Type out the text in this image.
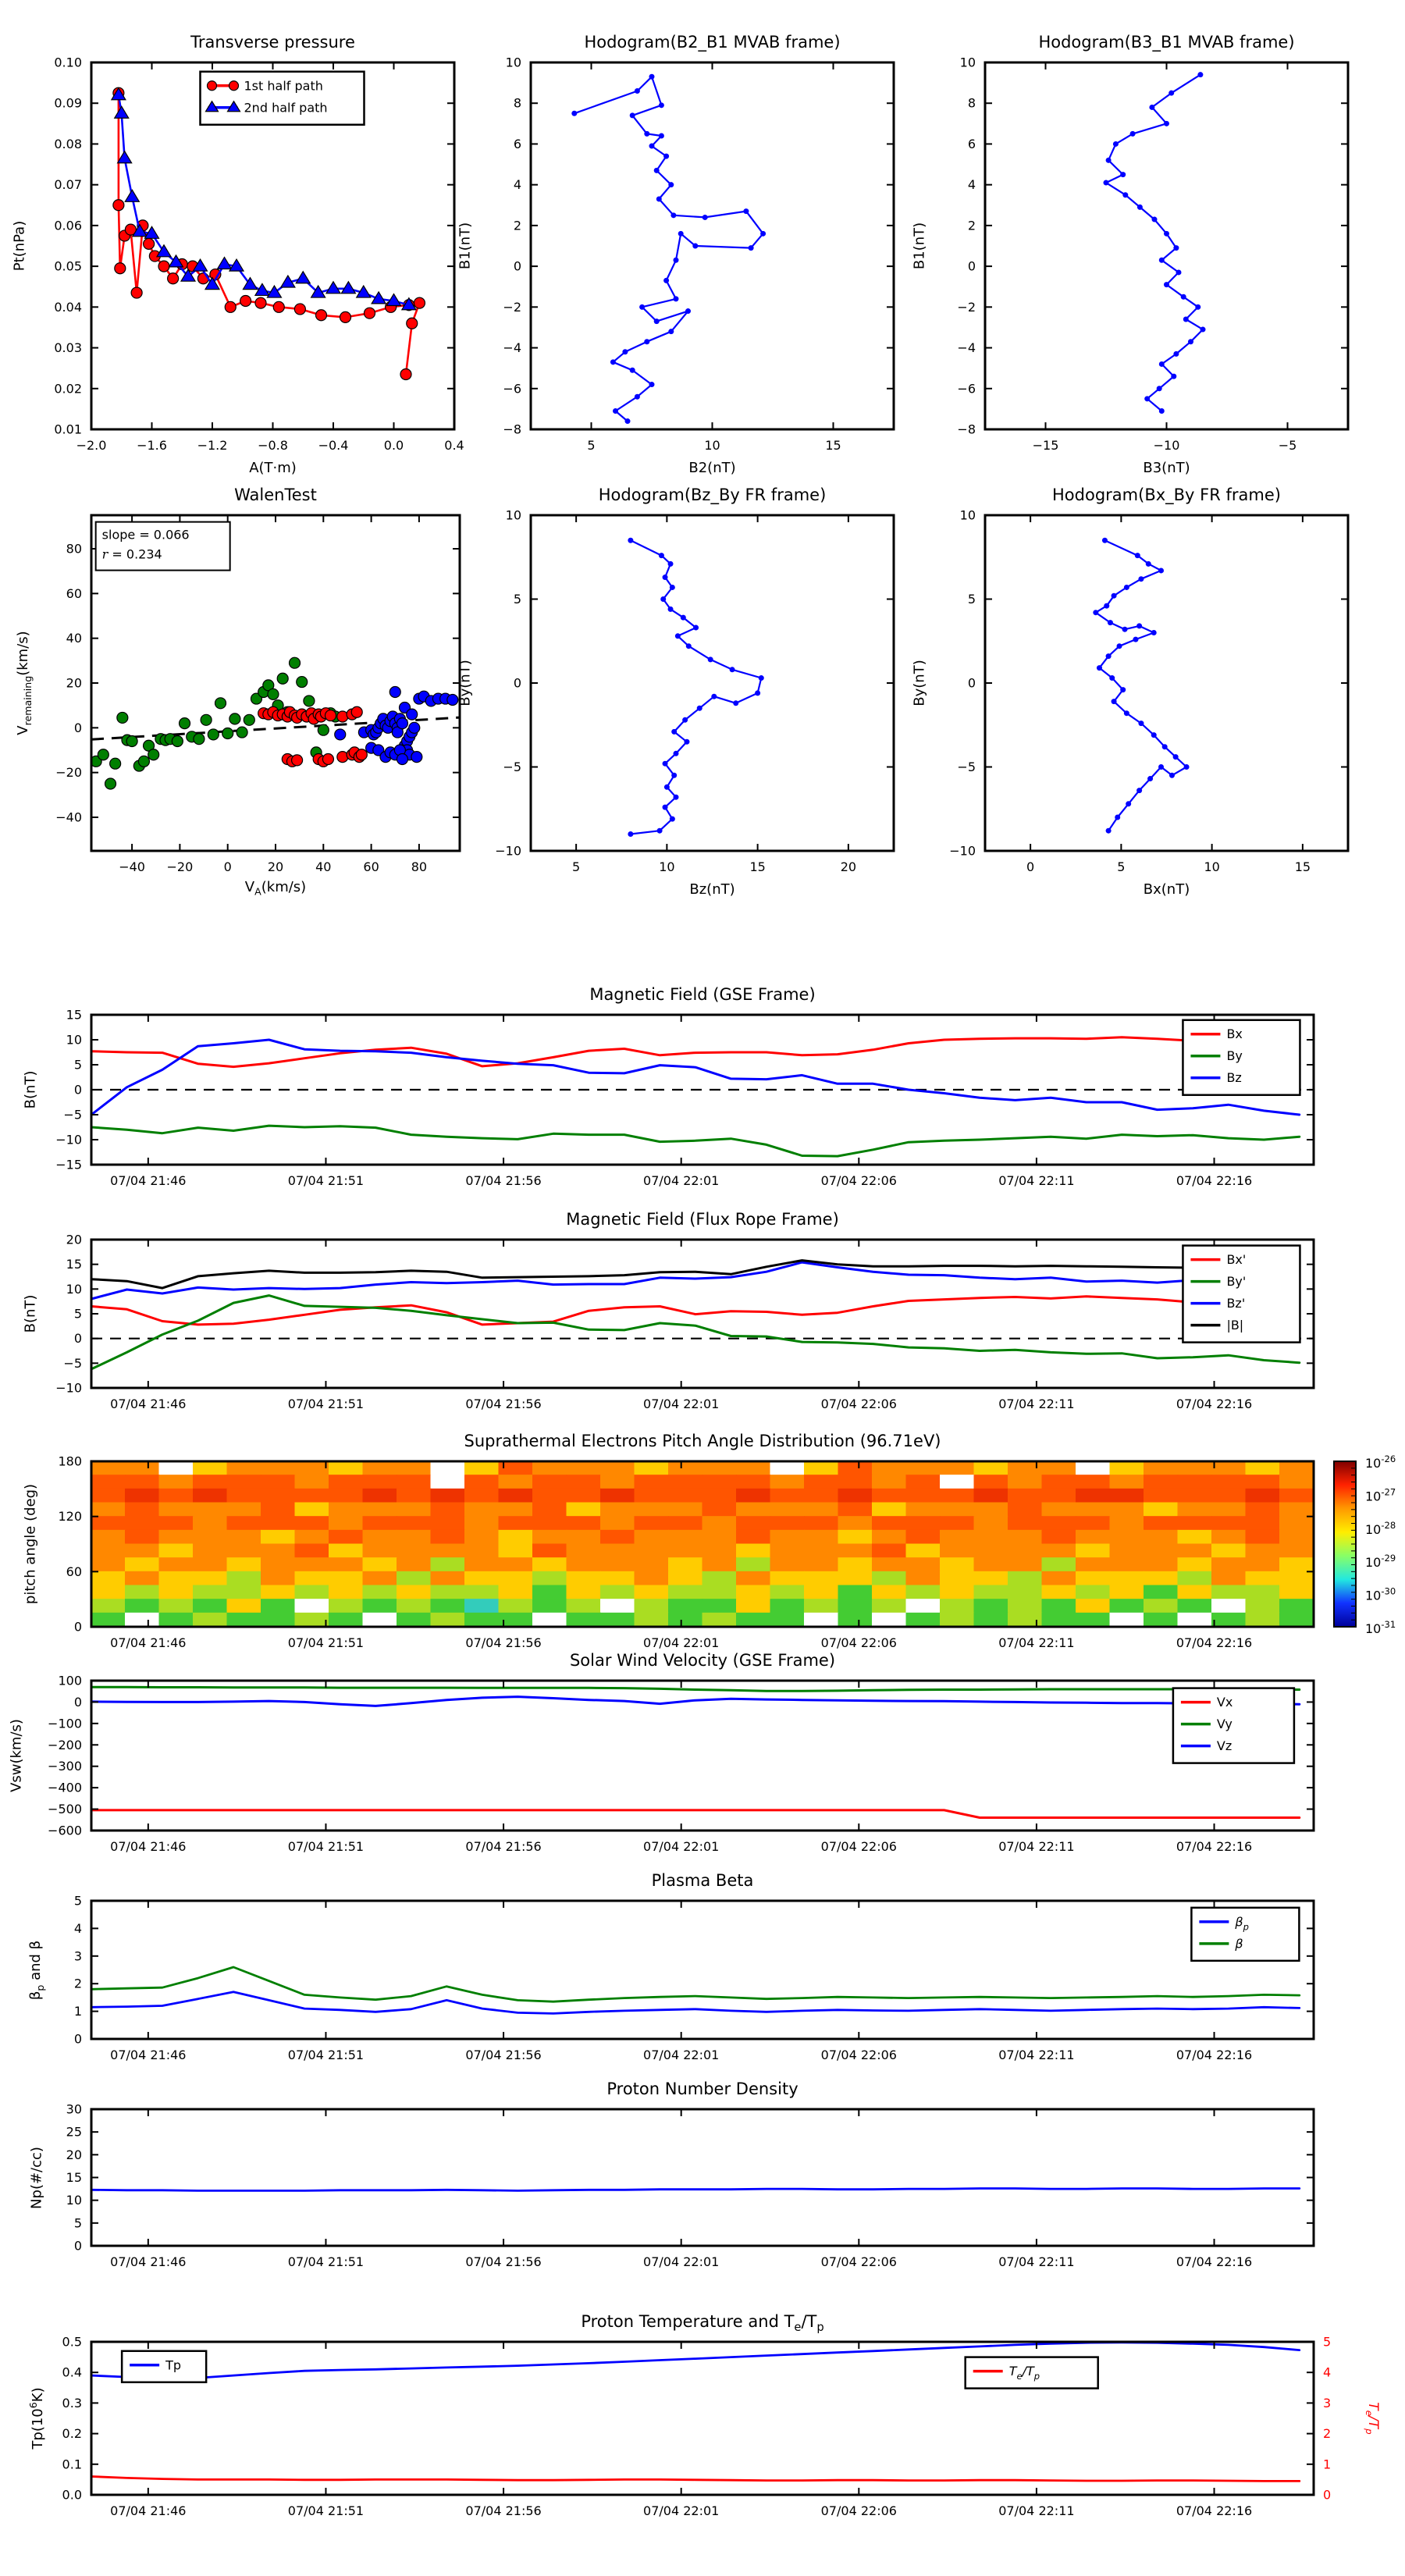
Transverse pressure
Pt(nPa)
A(T·m)
−2.0 −1.6 −1.2 −0.8 −0.4	0.0	0.4
0.01
0.02
0.03
0.04
0.05
0.06
0.07
0.08
0.09
0.10
1st half path
2nd half path
Hodogram(B2_B1 MVAB frame)
B1(nT)
B2(nT)
5	10	15
−8
−6
−4
−2
0
2
4
6
8
10
Hodogram(B3_B1 MVAB frame)
B1(nT)
B3(nT)
−15	−10	−5
−8
−6
−4
−2
0
2
4
6
8
10
WalenTest
$V_{remaining}(km/s)$
$V_A(km/s)$
−40 −20 0	20	40	60	80
−40
−20
0
20
40
60
80
slope = 0.066
r = 0.234
Hodogram(Bz_By FR frame)
By(nT)
Bz(nT)
5	10	15	20
−10
−5
0
5
10
Hodogram(Bx_By FR frame)
By(nT)
Bx(nT)
0	5	10	15
−10
−5
0
5
10
Magnetic Field (GSE Frame)
B(nT)
07/04 21:46	07/04 21:51	07/04 21:56	07/04 22:01	07/04 22:06	07/04 22:11	07/04 22:16
−15
−10
−5
0
5
10
15
Bx
By
Bz
Magnetic Field (Flux Rope Frame)
B(nT)
07/04 21:46	07/04 21:51	07/04 21:56	07/04 22:01	07/04 22:06	07/04 22:11	07/04 22:16
−10
−5
0
5
10
15
20
Bx'
By'
Bz'
|B|
Suprathermal Electrons Pitch Angle Distribution (96.71eV)
pitch angle (deg)
$10^{-26}$
$10^{-27}$
$10^{-28}$
$10^{-29}$
$10^{-30}$
$10^{-31}$
07/04 21:46	07/04 21:51	07/04 21:56	07/04 22:01	07/04 22:06	07/04 22:11	07/04 22:16
0
60
120
180
Solar Wind Velocity (GSE Frame)
Vsw(km/s)
07/04 21:46	07/04 21:51	07/04 21:56	07/04 22:01	07/04 22:06	07/04 22:11	07/04 22:16
−600
−500
−400
−300
−200
−100
0
100
Vx
Vy
Vz
Plasma Beta
$\beta_p$ and β
07/04 21:46	07/04 21:51	07/04 21:56	07/04 22:01	07/04 22:06	07/04 22:11	07/04 22:16
0
1
2
3
4
5
$\beta_p$
β
Proton Number Density
Np(#/cc)
07/04 21:46	07/04 21:51	07/04 21:56	07/04 22:01	07/04 22:06	07/04 22:11	07/04 22:16
0
5
10
15
20
25
30
Proton Temperature and $T_e/T_p$
$Tp(10^6K)$
$T_e/T_p$
07/04 21:46	07/04 21:51	07/04 21:56	07/04 22:01	07/04 22:06	07/04 22:11	07/04 22:16
0.0
0.1
0.2
0.3
0.4
0.5
0
1
2
3
4
5
Tp	$T_e/T_p$
